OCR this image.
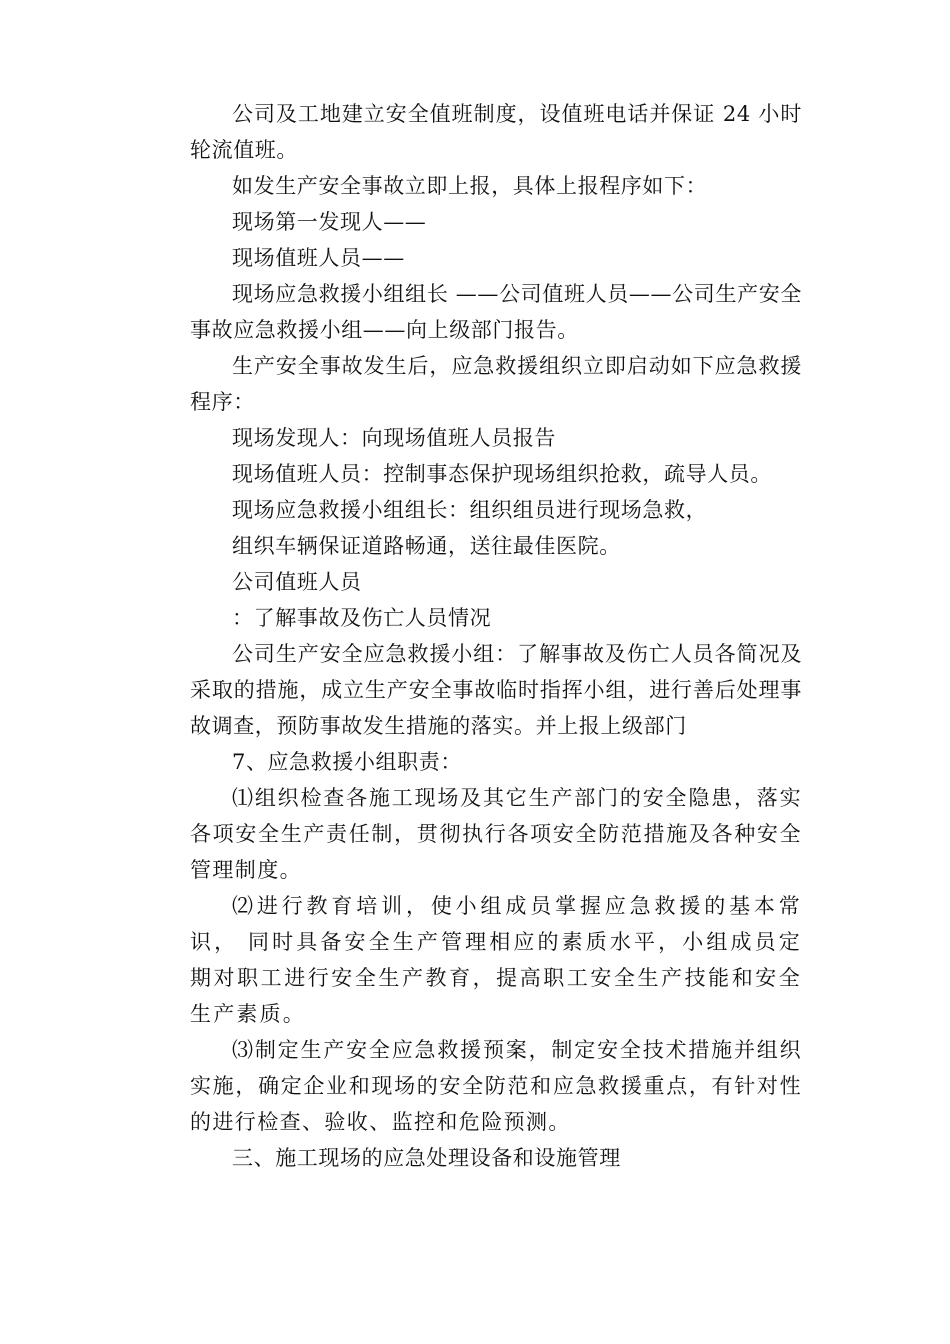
公司及工地建立安全值班制度，设值班电话并保证 24 小时轮流值班。

如发生产安全事故立即上报，具体上报程序如下：

现场第一发现人——

现场值班人员——

现场应急救援小组组长 ——公司值班人员——公司生产安全事故应急救援小组——向上级部门报告。

生产安全事故发生后，应急救援组织立即启动如下应急救援程序：

现场发现人：向现场值班人员报告

现场值班人员：控制事态保护现场组织抢救，疏导人员。

现场应急救援小组组长：组织组员进行现场急救，

组织车辆保证道路畅通，送往最佳医院。

公司值班人员

：了解事故及伤亡人员情况

公司生产安全应急救援小组：了解事故及伤亡人员各简况及采取的措施，成立生产安全事故临时指挥小组，进行善后处理事故调查，预防事故发生措施的落实。并上报上级部门

7、应急救援小组职责：

⑴组织检查各施工现场及其它生产部门的安全隐患，落实各项安全生产责任制，贯彻执行各项安全防范措施及各种安全管理制度。

⑵进行教育培训，使小组成员掌握应急救援的基本常识， 同时具备安全生产管理相应的素质水平，小组成员定期对职工进行安全生产教育，提高职工安全生产技能和安全生产素质。

⑶制定生产安全应急救援预案，制定安全技术措施并组织实施，确定企业和现场的安全防范和应急救援重点，有针对性的进行检查、验收、监控和危险预测。

三、施工现场的应急处理设备和设施管理
